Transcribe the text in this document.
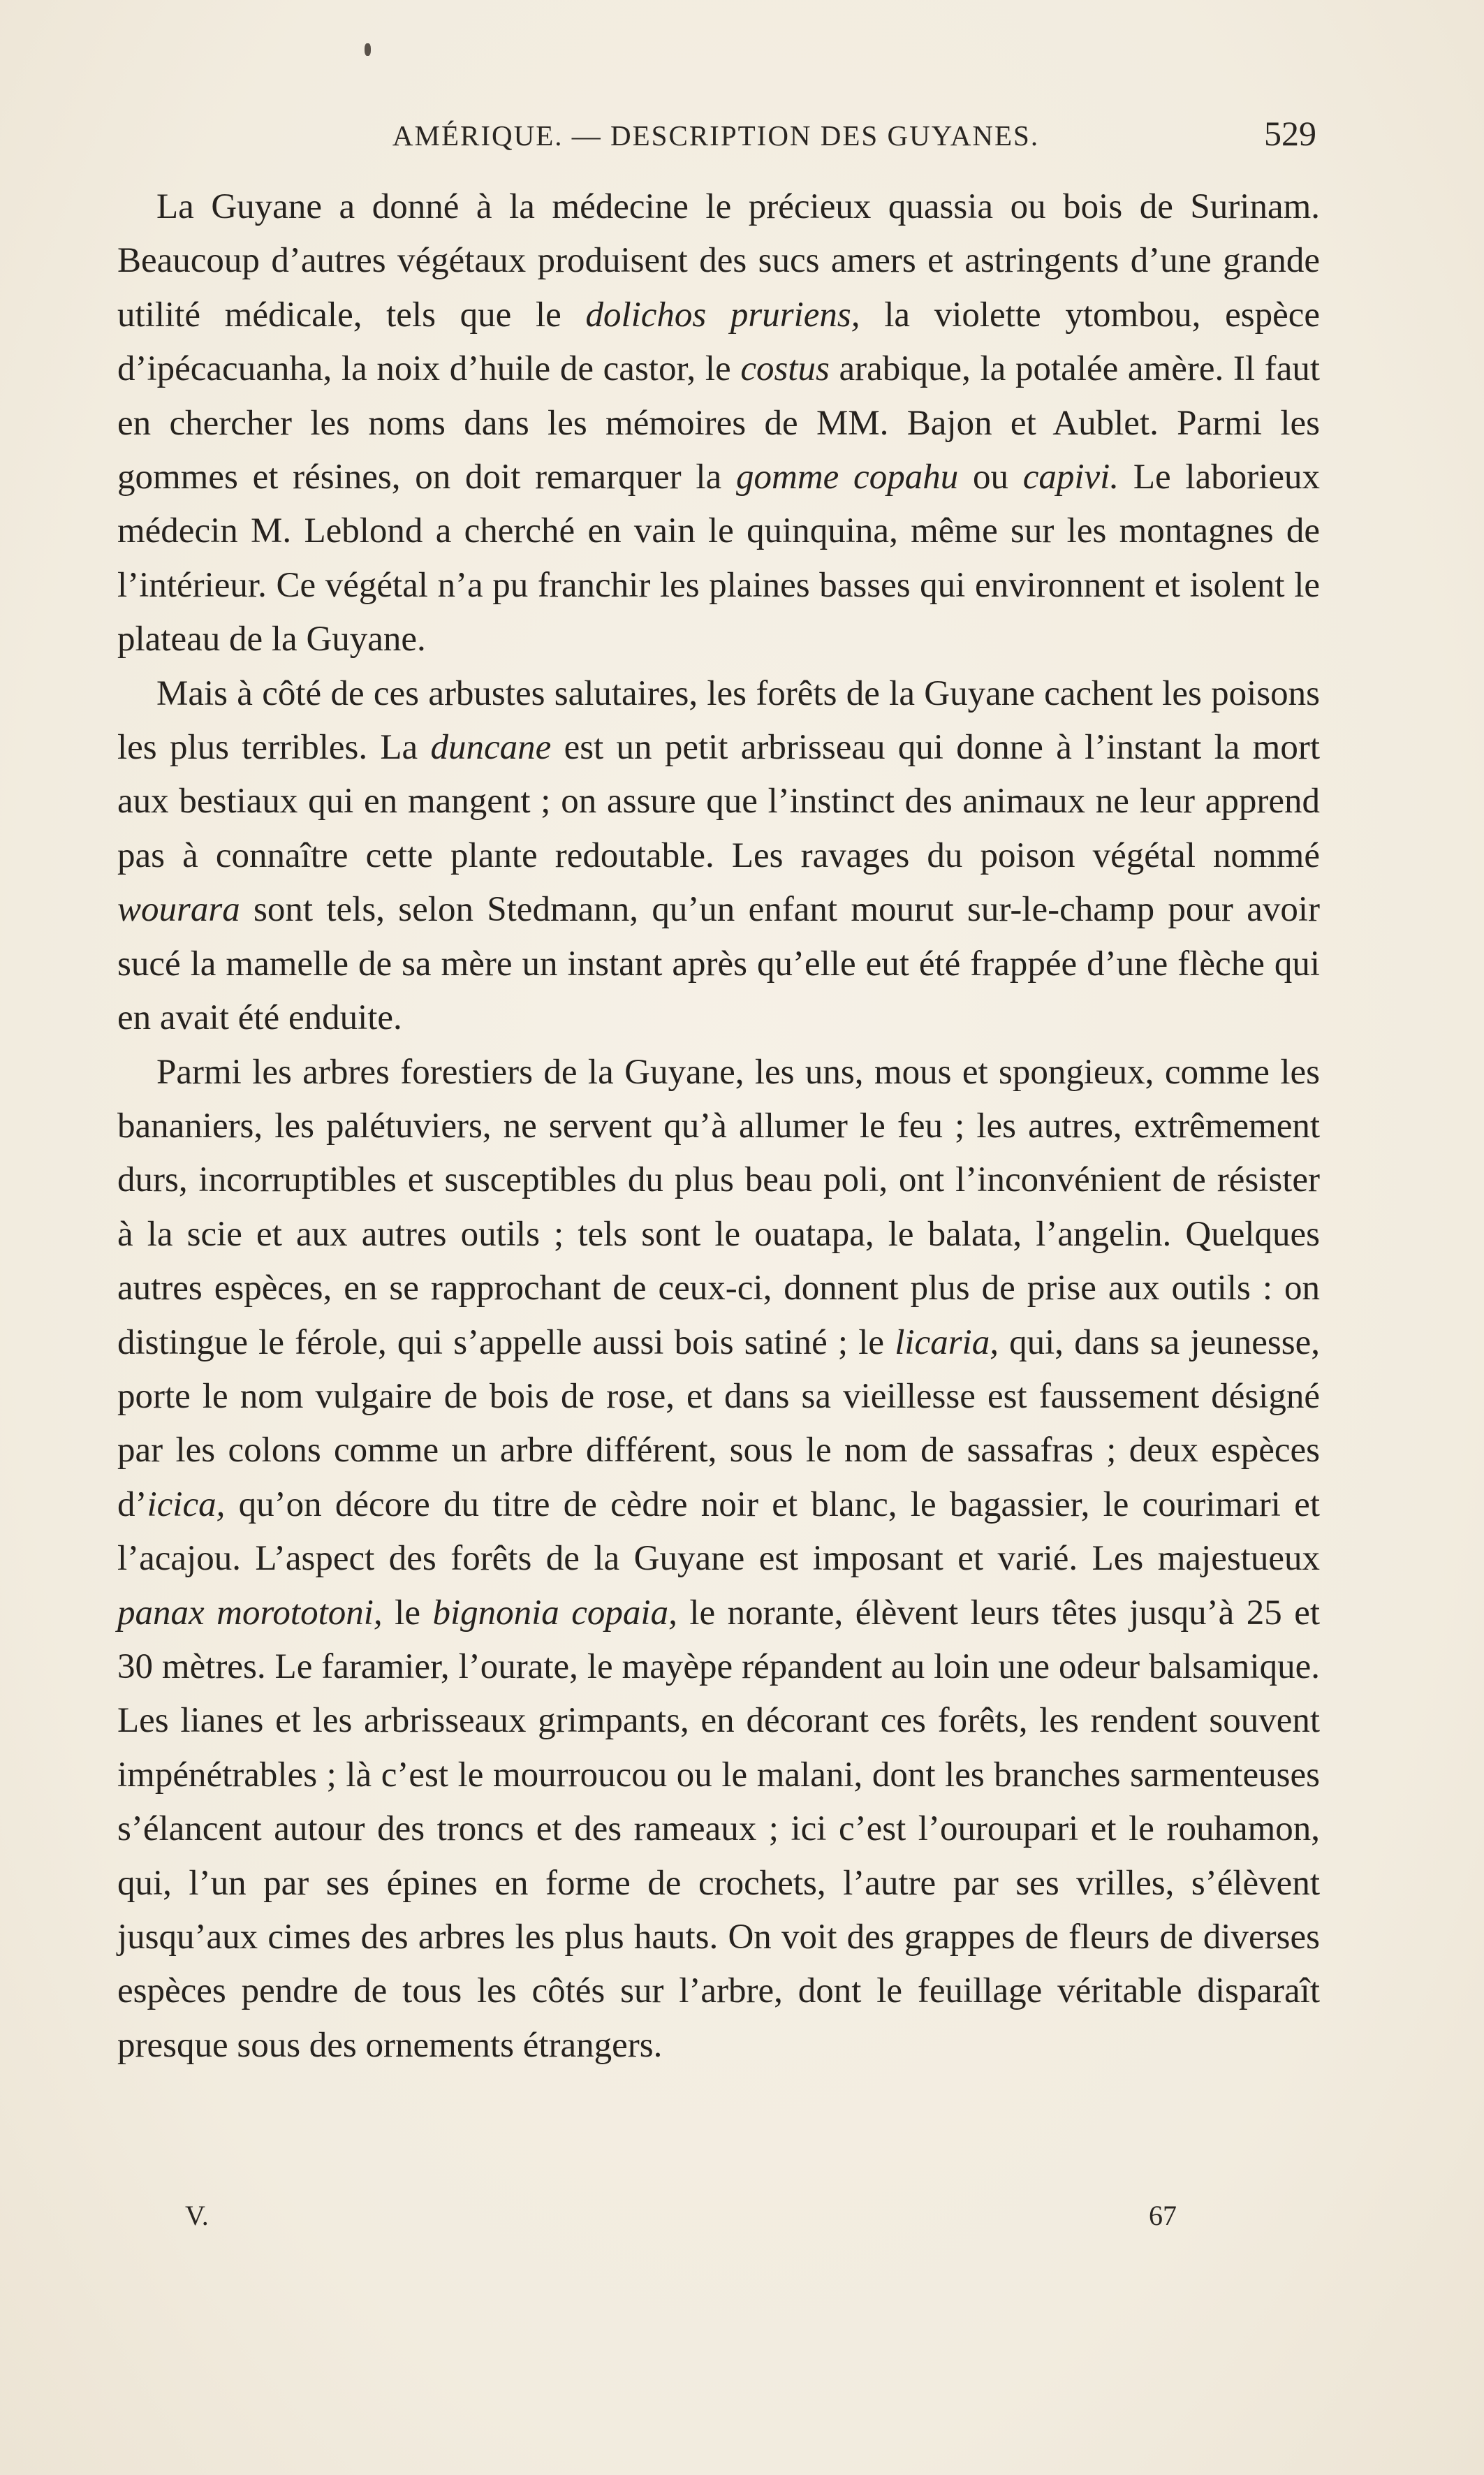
AMÉRIQUE. — DESCRIPTION DES GUYANES.	529

La Guyane a donné à la médecine le précieux quassia ou bois de Surinam. Beaucoup d’autres végétaux produisent des sucs amers et astringents d’une grande utilité médicale, tels que le dolichos pruriens, la violette ytombou, espèce d’ipécacuanha, la noix d’huile de castor, le costus arabique, la potalée amère. Il faut en chercher les noms dans les mémoires de MM. Bajon et Aublet. Parmi les gommes et résines, on doit remarquer la gomme copahu ou capivi. Le laborieux médecin M. Leblond a cherché en vain le quinquina, même sur les montagnes de l’intérieur. Ce végétal n’a pu franchir les plaines basses qui environnent et isolent le plateau de la Guyane.

Mais à côté de ces arbustes salutaires, les forêts de la Guyane cachent les poisons les plus terribles. La duncane est un petit arbrisseau qui donne à l’instant la mort aux bestiaux qui en mangent ; on assure que l’instinct des animaux ne leur apprend pas à connaître cette plante redoutable. Les ravages du poison végétal nommé wourara sont tels, selon Stedmann, qu’un enfant mourut sur-le-champ pour avoir sucé la mamelle de sa mère un instant après qu’elle eut été frappée d’une flèche qui en avait été enduite.

Parmi les arbres forestiers de la Guyane, les uns, mous et spongieux, comme les bananiers, les palétuviers, ne servent qu’à allumer le feu ; les autres, extrêmement durs, incorruptibles et susceptibles du plus beau poli, ont l’inconvénient de résister à la scie et aux autres outils ; tels sont le ouatapa, le balata, l’angelin. Quelques autres espèces, en se rapprochant de ceux-ci, donnent plus de prise aux outils : on distingue le férole, qui s’appelle aussi bois satiné ; le licaria, qui, dans sa jeunesse, porte le nom vulgaire de bois de rose, et dans sa vieillesse est faussement désigné par les colons comme un arbre différent, sous le nom de sassafras ; deux espèces d’icica, qu’on décore du titre de cèdre noir et blanc, le bagassier, le courimari et l’acajou. L’aspect des forêts de la Guyane est imposant et varié. Les majestueux panax morototoni, le bignonia copaia, le norante, élèvent leurs têtes jusqu’à 25 et 30 mètres. Le faramier, l’ourate, le mayèpe répandent au loin une odeur balsamique. Les lianes et les arbrisseaux grimpants, en décorant ces forêts, les rendent souvent impénétrables ; là c’est le mourroucou ou le malani, dont les branches sarmenteuses s’élancent autour des troncs et des rameaux ; ici c’est l’ouroupari et le rouhamon, qui, l’un par ses épines en forme de crochets, l’autre par ses vrilles, s’élèvent jusqu’aux cimes des arbres les plus hauts. On voit des grappes de fleurs de diverses espèces pendre de tous les côtés sur l’arbre, dont le feuillage véritable disparaît presque sous des ornements étrangers.

V.	67
